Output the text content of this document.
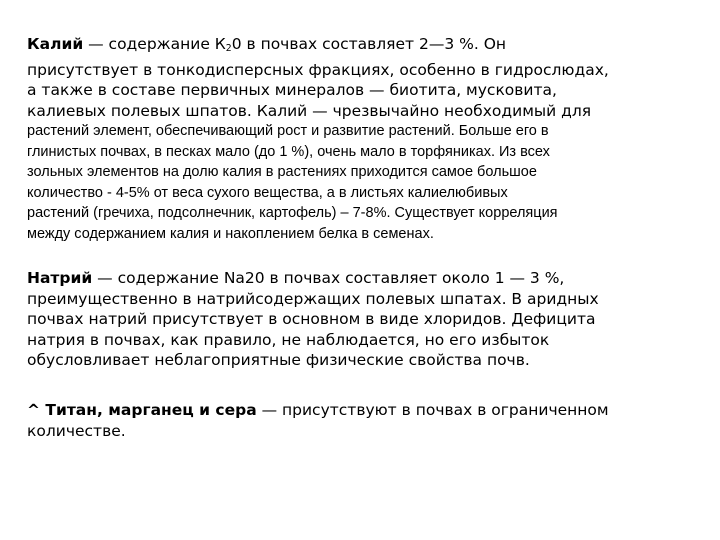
Калий — содержание $К_20$ в почвах составляет 2—3 %. Он
присутствует в тонкодисперсных фракциях, особенно в гидрослюдах,
а также в составе первичных минералов — биотита, мусковита,
калиевых полевых шпатов. Калий — чрезвычайно необходимый для
растений элемент, обеспечивающий рост и развитие растений. Больше его в
глинистых почвах, в песках мало (до 1 %), очень мало в торфяниках. Из всех
зольных элементов на долю калия в растениях приходится самое большое
количество - 4-5% от веса сухого вещества, а в листьях калиелюбивых
растений (гречиха, подсолнечник, картофель) – 7-8%. Существует корреляция
между содержанием калия и накоплением белка в семенах.
Натрий — содержание Na20 в почвах составляет около 1 — 3 %,
преимущественно в натрийсодержащих полевых шпатах. В аридных
почвах натрий присутствует в основном в виде хлоридов. Дефицита
натрия в почвах, как правило, не наблюдается, но его избыток
обусловливает неблагоприятные физические свойства почв.
^ Титан, марганец и сера — присутствуют в почвах в ограниченном
количестве.
